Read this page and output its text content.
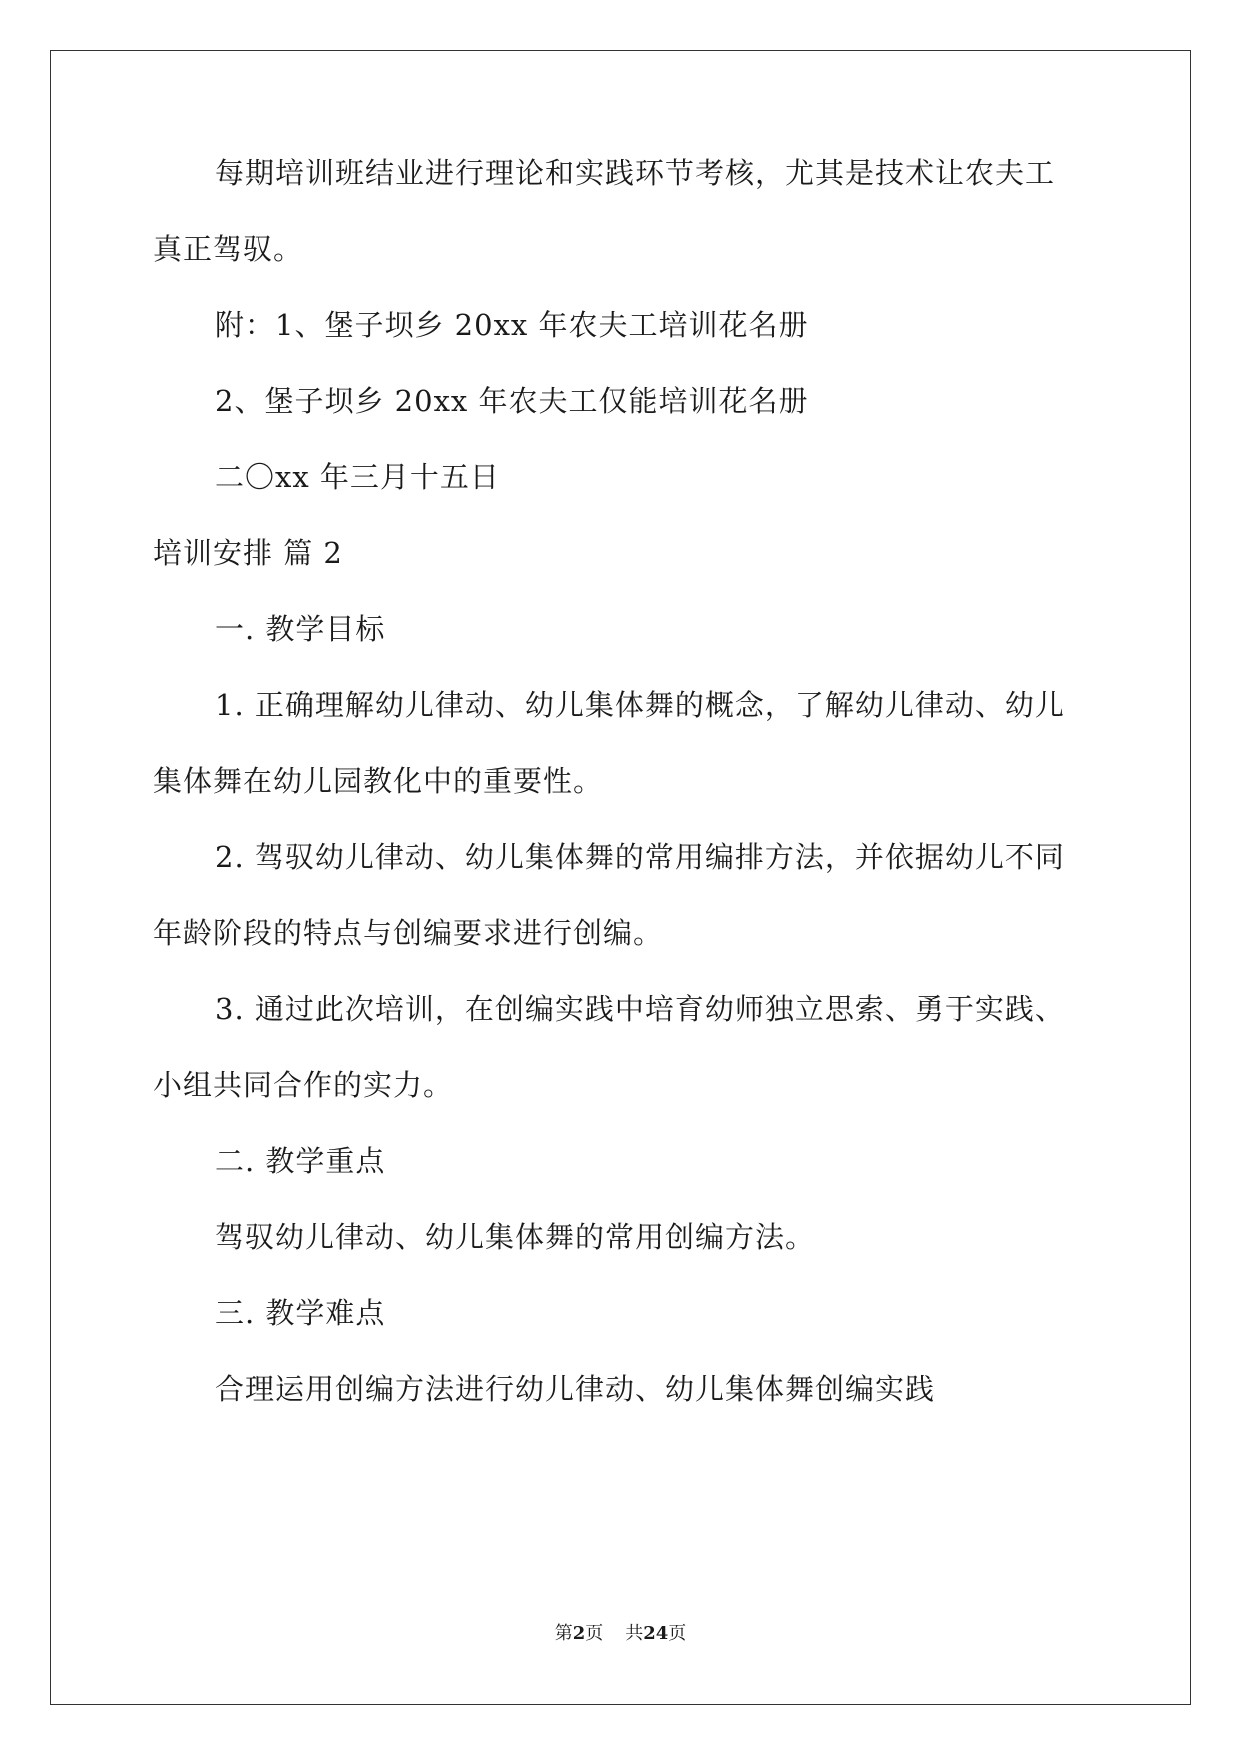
每期培训班结业进行理论和实践环节考核，尤其是技术让农夫工
真正驾驭。
附：1、堡子坝乡 20xx 年农夫工培训花名册
2、堡子坝乡 20xx 年农夫工仅能培训花名册
二〇xx 年三月十五日
培训安排 篇 2
一. 教学目标
1. 正确理解幼儿律动、幼儿集体舞的概念，了解幼儿律动、幼儿
集体舞在幼儿园教化中的重要性。
2. 驾驭幼儿律动、幼儿集体舞的常用编排方法，并依据幼儿不同
年龄阶段的特点与创编要求进行创编。
3. 通过此次培训，在创编实践中培育幼师独立思索、勇于实践、
小组共同合作的实力。
二. 教学重点
驾驭幼儿律动、幼儿集体舞的常用创编方法。
三. 教学难点
合理运用创编方法进行幼儿律动、幼儿集体舞创编实践
第2页 共24页
